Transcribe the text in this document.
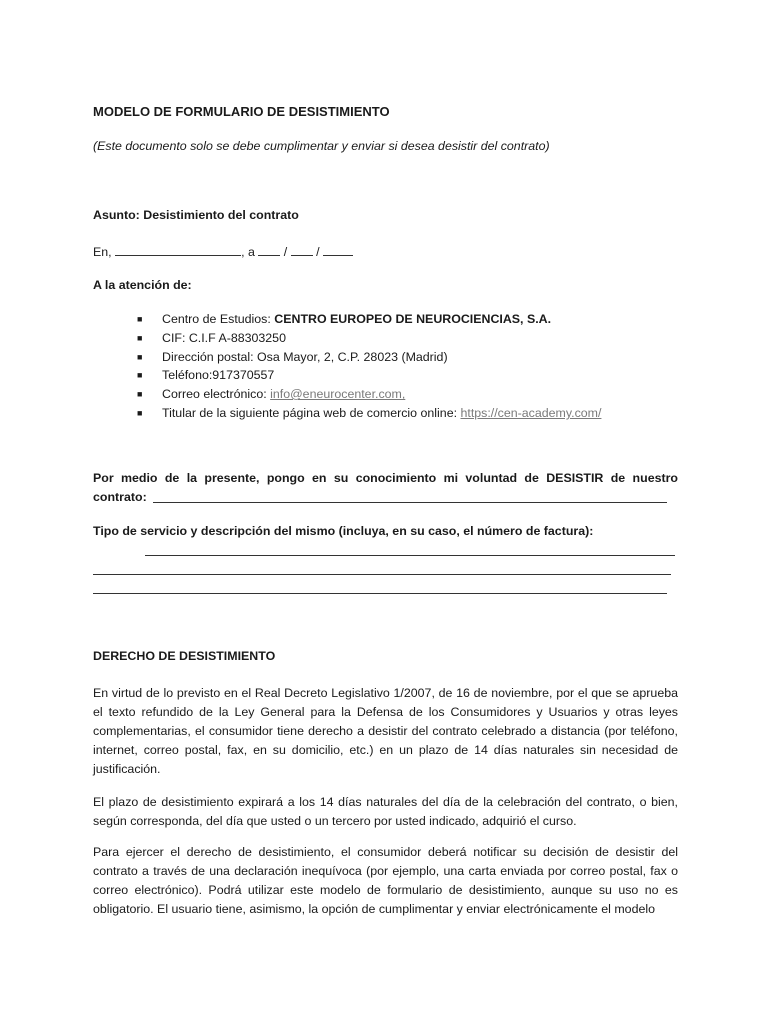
MODELO DE FORMULARIO DE DESISTIMIENTO

(Este documento solo se debe cumplimentar y enviar si desea desistir del contrato)

Asunto: Desistimiento del contrato

En,	, a / /

A la atención de:

■ Centro de Estudios: CENTRO EUROPEO DE NEUROCIENCIAS, S.A.
■ CIF: C.I.F A-88303250
■ Dirección postal: Osa Mayor, 2, C.P. 28023 (Madrid)
■ Teléfono:917370557
■ Correo electrónico: info@eneurocenter.com,
■ Titular de la siguiente página web de comercio online: https://cen-academy.com/

Por medio de la presente, pongo en su conocimiento mi voluntad de DESISTIR de nuestro contrato:

Tipo de servicio y descripción del mismo (incluya, en su caso, el número de factura):

DERECHO DE DESISTIMIENTO

En virtud de lo previsto en el Real Decreto Legislativo 1/2007, de 16 de noviembre, por el que se aprueba el texto refundido de la Ley General para la Defensa de los Consumidores y Usuarios y otras leyes complementarias, el consumidor tiene derecho a desistir del contrato celebrado a distancia (por teléfono, internet, correo postal, fax, en su domicilio, etc.) en un plazo de 14 días naturales sin necesidad de justificación.

El plazo de desistimiento expirará a los 14 días naturales del día de la celebración del contrato, o bien, según corresponda, del día que usted o un tercero por usted indicado, adquirió el curso.

Para ejercer el derecho de desistimiento, el consumidor deberá notificar su decisión de desistir del contrato a través de una declaración inequívoca (por ejemplo, una carta enviada por correo postal, fax o correo electrónico). Podrá utilizar este modelo de formulario de desistimiento, aunque su uso no es obligatorio. El usuario tiene, asimismo, la opción de cumplimentar y enviar electrónicamente el modelo
